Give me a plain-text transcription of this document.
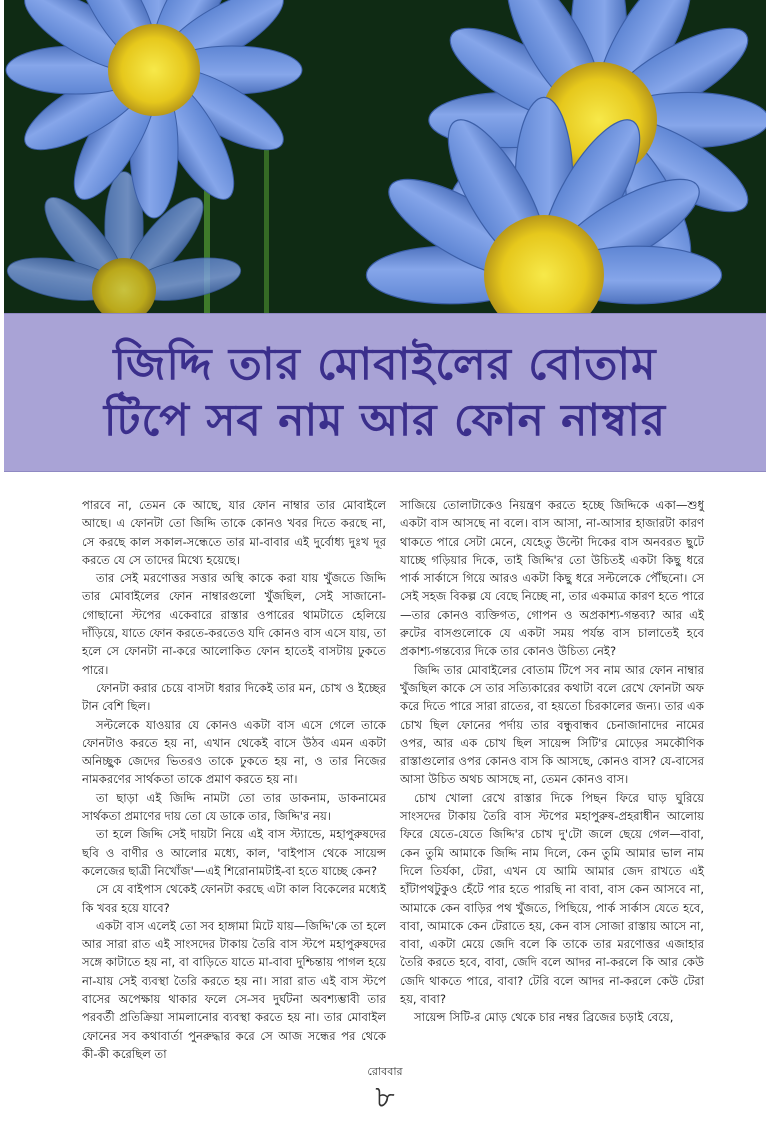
জিদ্দি তার মোবাইলের বোতাম
টিপে সব নাম আর ফোন নাম্বার

পারবে না, তেমন কে আছে, যার ফোন নাম্বার তার মোবাইলে আছে। এ ফোনটা তো জিদ্দি তাকে কোনও খবর দিতে করছে না, সে করছে কাল সকাল-সন্ধেতে তার মা-বাবার এই দুর্বোধ্য দুঃখ দূর করতে যে সে তাদের মিথ্যে হয়েছে।

তার সেই মরণোত্তর সত্তার অস্থি কাকে করা যায় খুঁজতে জিদ্দি তার মোবাইলের ফোন নাম্বারগুলো খুঁজছিল, সেই সাজানো-গোছানো স্টপের একেবারে রাস্তার ওপারের থামটাতে হেলিয়ে দাঁড়িয়ে, যাতে ফোন করতে-করতেও যদি কোনও বাস এসে যায়, তা হলে সে ফোনটা না-করে আলোকিত ফোন হাতেই বাসটায় ঢুকতে পারে।

ফোনটা করার চেয়ে বাসটা ধরার দিকেই তার মন, চোখ ও ইচ্ছের টান বেশি ছিল।

সল্টলেকে যাওয়ার যে কোনও একটা বাস এসে গেলে তাকে ফোনটাও করতে হয় না, এখান থেকেই বাসে উঠব এমন একটা অনিচ্ছুক জেদের ভিতরও তাকে ঢুকতে হয় না, ও তার নিজের নামকরণের সার্থকতা তাকে প্রমাণ করতে হয় না।

তা ছাড়া এই জিদ্দি নামটা তো তার ডাকনাম, ডাকনামের সার্থকতা প্রমাণের দায় তো যে ডাকে তার, জিদ্দি'র নয়।

তা হলে জিদ্দি সেই দায়টা নিয়ে এই বাস স্ট্যান্ডে, মহাপুরুষদের ছবি ও বাণীর ও আলোর মধ্যে, কাল, 'বাইপাস থেকে সায়েন্স কলেজের ছাত্রী নিখোঁজ'—এই শিরোনামটাই-বা হতে যাচ্ছে কেন?

সে যে বাইপাস থেকেই ফোনটা করছে এটা কাল বিকেলের মধ্যেই কি খবর হয়ে যাবে?

একটা বাস এলেই তো সব হাঙ্গামা মিটে যায়—জিদ্দি'কে তা হলে আর সারা রাত এই সাংসদের টাকায় তৈরি বাস স্টপে মহাপুরুষদের সঙ্গে কাটাতে হয় না, বা বাড়িতে যাতে মা-বাবা দুশ্চিন্তায় পাগল হয়ে না-যায় সেই ব্যবস্থা তৈরি করতে হয় না। সারা রাত এই বাস স্টপে বাসের অপেক্ষায় থাকার ফলে সে-সব দুর্ঘটনা অবশ্যম্ভাবী তার পরবর্তী প্রতিক্রিয়া সামলানোর ব্যবস্থা করতে হয় না। তার মোবাইল ফোনের সব কথাবার্তা পুনরুদ্ধার করে সে আজ সন্ধের পর থেকে কী-কী করেছিল তা

সাজিয়ে তোলাটাকেও নিয়ন্ত্রণ করতে হচ্ছে জিদ্দিকে একা—শুধু একটা বাস আসছে না বলে। বাস আসা, না-আসার হাজারটা কারণ থাকতে পারে সেটা মেনে, যেহেতু উল্টো দিকের বাস অনবরত ছুটে যাচ্ছে গড়িয়ার দিকে, তাই জিদ্দি'র তো উচিতই একটা কিছু ধরে পার্ক সার্কাসে গিয়ে আরও একটা কিছু ধরে সল্টলেকে পৌঁছনো। সে সেই সহজ বিকল্প যে বেছে নিচ্ছে না, তার একমাত্র কারণ হতে পারে—তার কোনও ব্যক্তিগত, গোপন ও অপ্রকাশ্য-গন্তব্য? আর এই রুটের বাসগুলোকে যে একটা সময় পর্যন্ত বাস চালাতেই হবে প্রকাশ্য-গন্তব্যের দিকে তার কোনও উচিত্য নেই?

জিদ্দি তার মোবাইলের বোতাম টিপে সব নাম আর ফোন নাম্বার খুঁজছিল কাকে সে তার সত্যিকারের কথাটা বলে রেখে ফোনটা অফ করে দিতে পারে সারা রাতের, বা হয়তো চিরকালের জন্য। তার এক চোখ ছিল ফোনের পর্দায় তার বন্ধুবান্ধব চেনাজানাদের নামের ওপর, আর এক চোখ ছিল সায়েন্স সিটি'র মোড়ের সমকৌণিক রাস্তাগুলোর ওপর কোনও বাস কি আসছে, কোনও বাস? যে-বাসের আসা উচিত অথচ আসছে না, তেমন কোনও বাস।

চোখ খোলা রেখে রাস্তার দিকে পিছন ফিরে ঘাড় ঘুরিয়ে সাংসদের টাকায় তৈরি বাস স্টপের মহাপুরুষ-প্রহরাধীন আলোয় ফিরে যেতে-যেতে জিদ্দি'র চোখ দু'টো জলে ছেয়ে গেল—বাবা, কেন তুমি আমাকে জিদ্দি নাম দিলে, কেন তুমি আমার ভাল নাম দিলে তির্যকা, টেরা, এখন যে আমি আমার জেদ রাখতে এই হাঁটাপথটুকুও হেঁটে পার হতে পারছি না বাবা, বাস কেন আসবে না, আমাকে কেন বাড়ির পথ খুঁজতে, পিছিয়ে, পার্ক সার্কাস যেতে হবে, বাবা, আমাকে কেন টেরাতে হয়, কেন বাস সোজা রাস্তায় আসে না, বাবা, একটা মেয়ে জেদি বলে কি তাকে তার মরণোত্তর এজাহার তৈরি করতে হবে, বাবা, জেদি বলে আদর না-করলে কি আর কেউ জেদি থাকতে পারে, বাবা? টেরি বলে আদর না-করলে কেউ টেরা হয়, বাবা?

সায়েন্স সিটি-র মোড় থেকে চার নম্বর ব্রিজের চড়াই বেয়ে,

রোববার
৮
